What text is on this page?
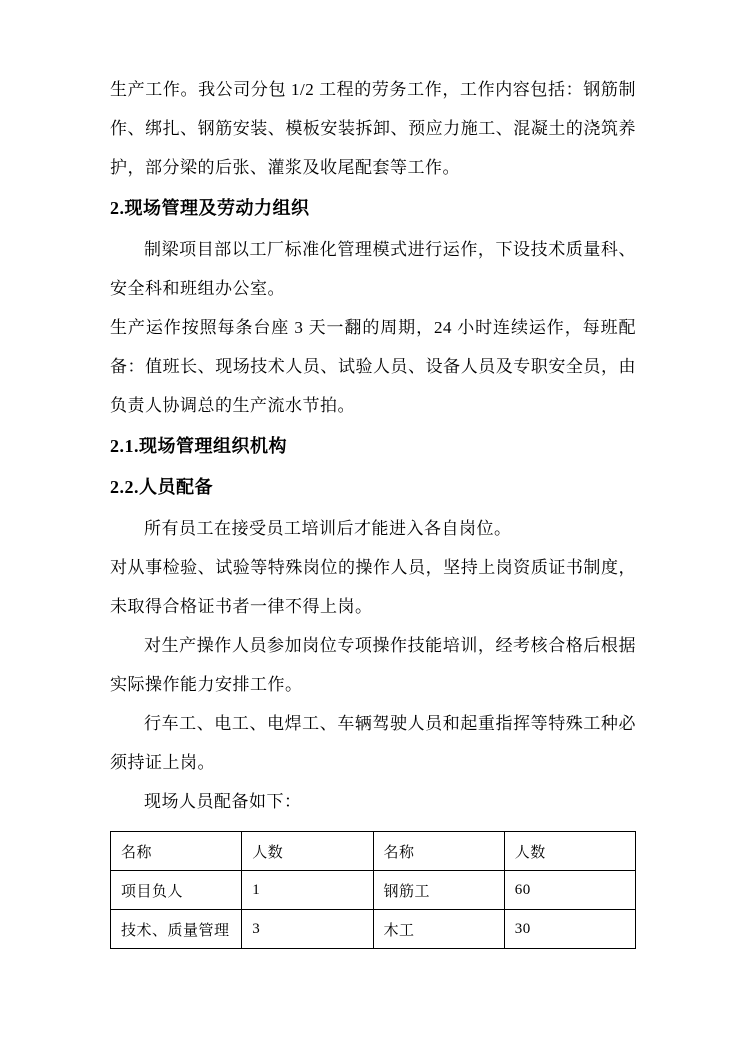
生产工作。我公司分包 1/2 工程的劳务工作，工作内容包括：钢筋制作、绑扎、钢筋安装、模板安装拆卸、预应力施工、混凝土的浇筑养护，部分梁的后张、灌浆及收尾配套等工作。

2.现场管理及劳动力组织

制梁项目部以工厂标准化管理模式进行运作，下设技术质量科、安全科和班组办公室。

生产运作按照每条台座 3 天一翻的周期，24 小时连续运作，每班配备：值班长、现场技术人员、试验人员、设备人员及专职安全员，由负责人协调总的生产流水节拍。

2.1.现场管理组织机构
2.2.人员配备

所有员工在接受员工培训后才能进入各自岗位。

对从事检验、试验等特殊岗位的操作人员，坚持上岗资质证书制度，未取得合格证书者一律不得上岗。

对生产操作人员参加岗位专项操作技能培训，经考核合格后根据实际操作能力安排工作。

行车工、电工、电焊工、车辆驾驶人员和起重指挥等特殊工种必须持证上岗。

现场人员配备如下：

名称	人数	名称	人数
项目负人	1	钢筋工	60
技术、质量管理	3	木工	30
